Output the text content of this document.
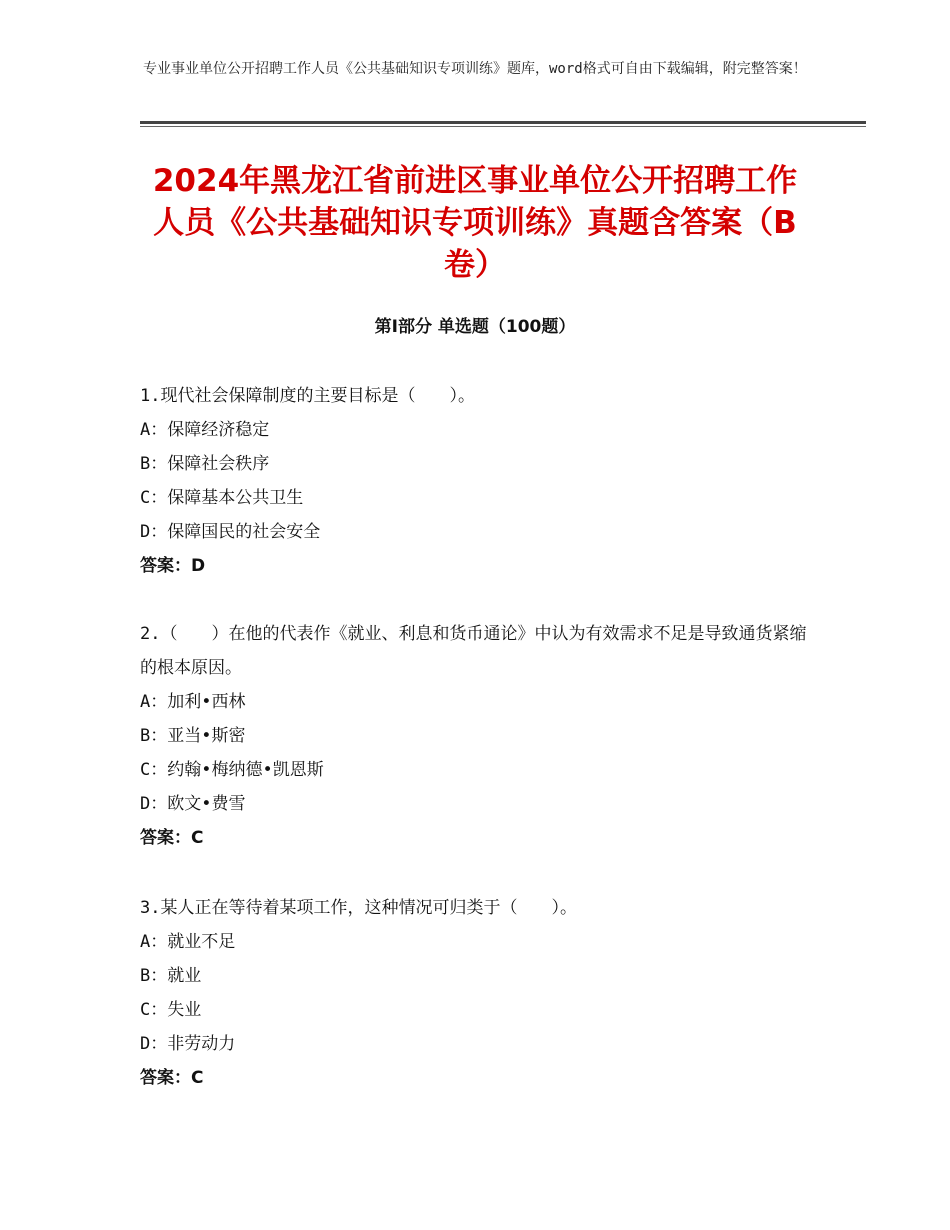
专业事业单位公开招聘工作人员《公共基础知识专项训练》题库，word格式可自由下载编辑，附完整答案！
2024年黑龙江省前进区事业单位公开招聘工作人员《公共基础知识专项训练》真题含答案（B卷）
第Ⅰ部分 单选题（100题）
1.现代社会保障制度的主要目标是（　　）。
A：保障经济稳定
B：保障社会秩序
C：保障基本公共卫生
D：保障国民的社会安全
答案：D
2.（　　）在他的代表作《就业、利息和货币通论》中认为有效需求不足是导致通货紧缩的根本原因。
A：加利•西林
B：亚当•斯密
C：约翰•梅纳德•凯恩斯
D：欧文•费雪
答案：C
3.某人正在等待着某项工作，这种情况可归类于（　　）。
A：就业不足
B：就业
C：失业
D：非劳动力
答案：C
